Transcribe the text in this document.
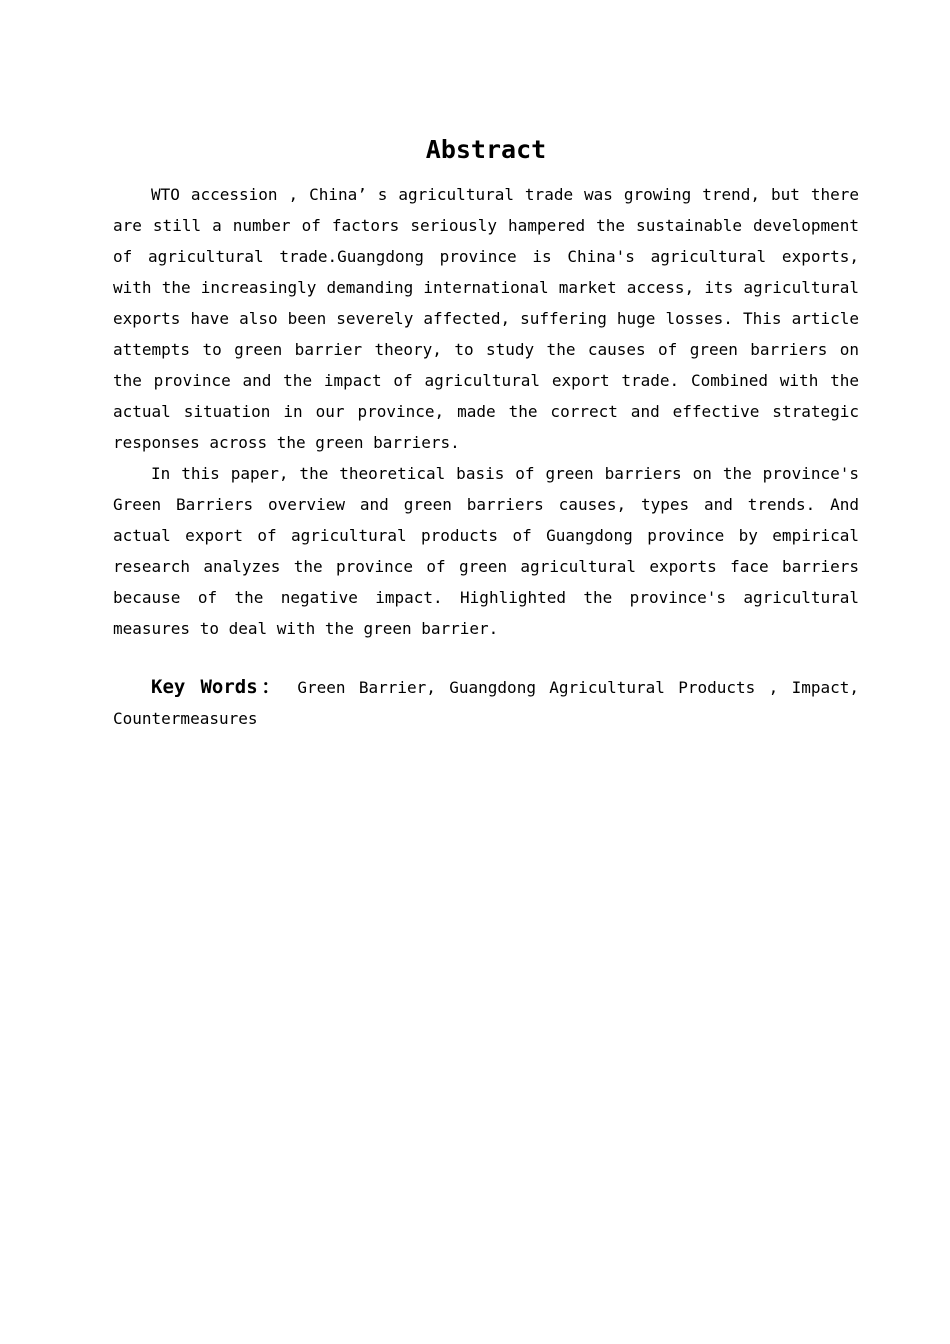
Abstract

WTO accession , China’ s agricultural trade was growing trend, but there are still a number of factors seriously hampered the sustainable development of agricultural trade.Guangdong province is China's agricultural exports, with the increasingly demanding international market access, its agricultural exports have also been severely affected, suffering huge losses. This article attempts to green barrier theory, to study the causes of green barriers on the province and the impact of agricultural export trade. Combined with the actual situation in our province, made the correct and effective strategic responses across the green barriers.

In this paper, the theoretical basis of green barriers on the province's Green Barriers overview and green barriers causes, types and trends. And actual export of agricultural products of Guangdong province by empirical research analyzes the province of green agricultural exports face barriers because of the negative impact. Highlighted the province's agricultural measures to deal with the green barrier.

Key Words： Green Barrier, Guangdong Agricultural Products , Impact, Countermeasures
